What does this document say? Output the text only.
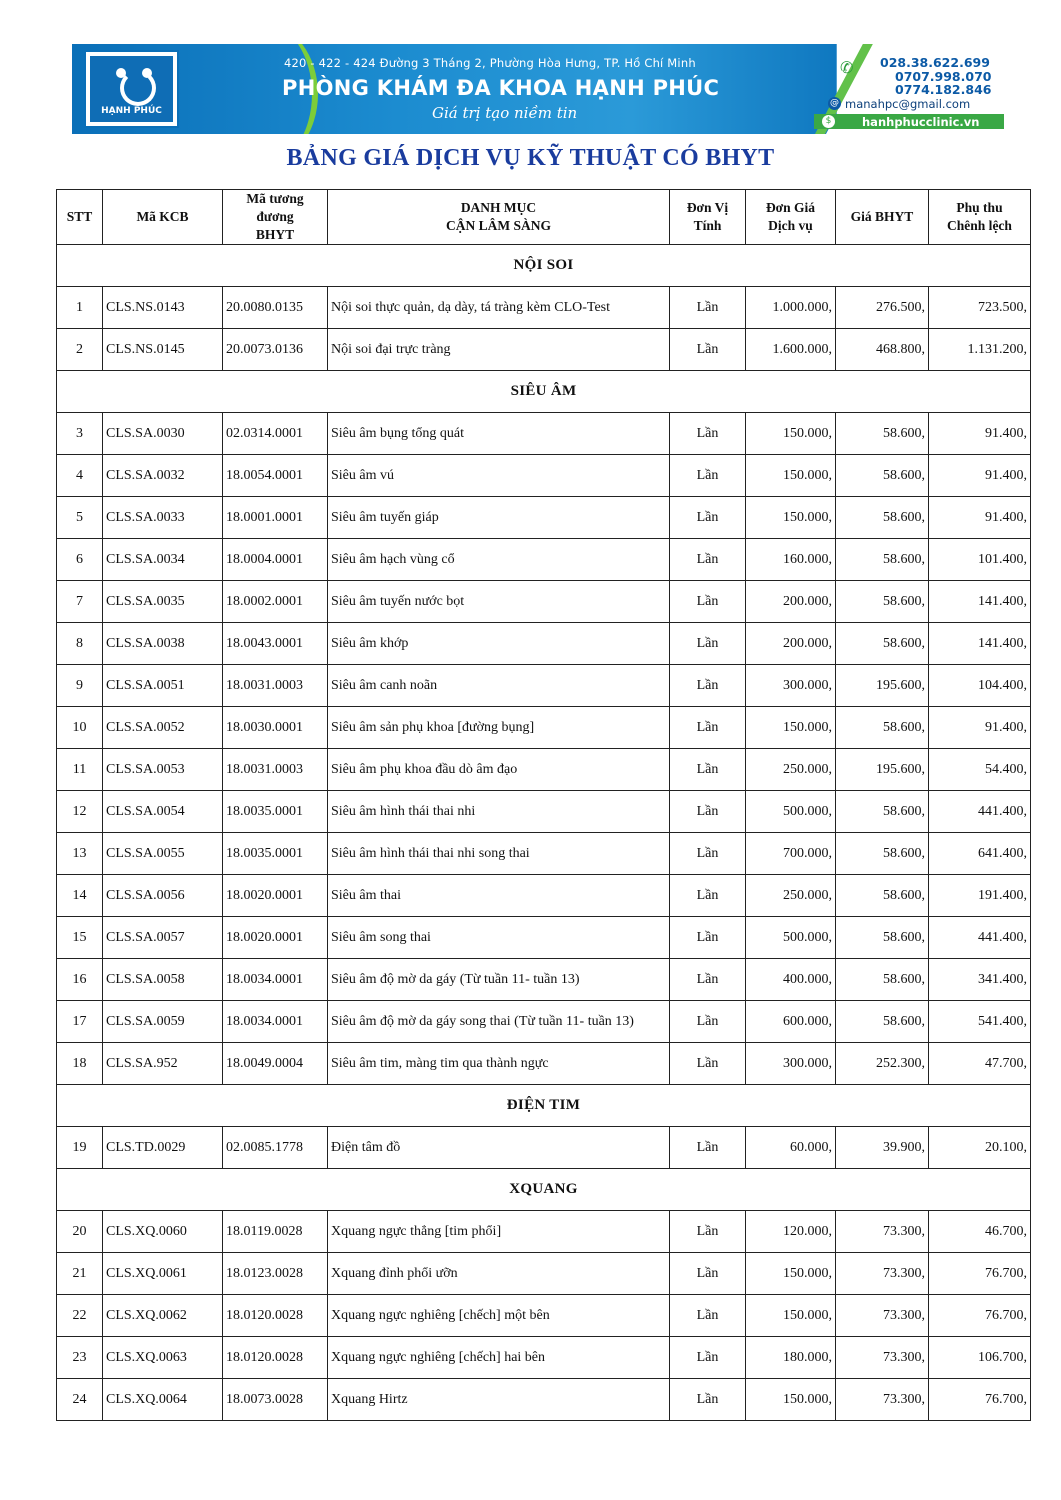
HẠNH PHÚC
420 - 422 - 424 Đường 3 Tháng 2, Phường Hòa Hưng, TP. Hồ Chí Minh
PHÒNG KHÁM ĐA KHOA HẠNH PHÚC
Giá trị tạo niềm tin
✆	028.38.622.699
0707.998.070
0774.182.846
@ manahpc@gmail.com
$	hanhphucclinic.vn
BẢNG GIÁ DỊCH VỤ KỸ THUẬT CÓ BHYT
STT	Mã KCB	Mã tương
đương
BHYT	DANH MỤC
CẬN LÂM SÀNG	Đơn Vị
Tính	Đơn Giá
Dịch vụ	Giá BHYT	Phụ thu
Chênh lệch
NỘI SOI							
1	CLS.NS.0143	20.0080.0135	Nội soi thực quản, dạ dày, tá tràng kèm CLO-Test	Lần	1.000.000,	276.500,	723.500,
2	CLS.NS.0145	20.0073.0136	Nội soi đại trực tràng	Lần	1.600.000,	468.800,	1.131.200,
SIÊU ÂM							
3	CLS.SA.0030	02.0314.0001	Siêu âm bụng tổng quát	Lần	150.000,	58.600,	91.400,
4	CLS.SA.0032	18.0054.0001	Siêu âm vú	Lần	150.000,	58.600,	91.400,
5	CLS.SA.0033	18.0001.0001	Siêu âm tuyến giáp	Lần	150.000,	58.600,	91.400,
6	CLS.SA.0034	18.0004.0001	Siêu âm hạch vùng cổ	Lần	160.000,	58.600,	101.400,
7	CLS.SA.0035	18.0002.0001	Siêu âm tuyến nước bọt	Lần	200.000,	58.600,	141.400,
8	CLS.SA.0038	18.0043.0001	Siêu âm khớp	Lần	200.000,	58.600,	141.400,
9	CLS.SA.0051	18.0031.0003	Siêu âm canh noãn	Lần	300.000,	195.600,	104.400,
10	CLS.SA.0052	18.0030.0001	Siêu âm sản phụ khoa [đường bụng]	Lần	150.000,	58.600,	91.400,
11	CLS.SA.0053	18.0031.0003	Siêu âm phụ khoa đầu dò âm đạo	Lần	250.000,	195.600,	54.400,
12	CLS.SA.0054	18.0035.0001	Siêu âm hình thái thai nhi	Lần	500.000,	58.600,	441.400,
13	CLS.SA.0055	18.0035.0001	Siêu âm hình thái thai nhi song thai	Lần	700.000,	58.600,	641.400,
14	CLS.SA.0056	18.0020.0001	Siêu âm thai	Lần	250.000,	58.600,	191.400,
15	CLS.SA.0057	18.0020.0001	Siêu âm song thai	Lần	500.000,	58.600,	441.400,
16	CLS.SA.0058	18.0034.0001	Siêu âm độ mờ da gáy (Từ tuần 11- tuần 13)	Lần	400.000,	58.600,	341.400,
17	CLS.SA.0059	18.0034.0001	Siêu âm độ mờ da gáy song thai (Từ tuần 11- tuần 13)	Lần	600.000,	58.600,	541.400,
18	CLS.SA.952	18.0049.0004	Siêu âm tim, màng tim qua thành ngực	Lần	300.000,	252.300,	47.700,
ĐIỆN TIM							
19	CLS.TD.0029	02.0085.1778	Điện tâm đồ	Lần	60.000,	39.900,	20.100,
XQUANG							
20	CLS.XQ.0060	18.0119.0028	Xquang ngực thẳng [tim phổi]	Lần	120.000,	73.300,	46.700,
21	CLS.XQ.0061	18.0123.0028	Xquang đỉnh phổi ưỡn	Lần	150.000,	73.300,	76.700,
22	CLS.XQ.0062	18.0120.0028	Xquang ngực nghiêng [chếch] một bên	Lần	150.000,	73.300,	76.700,
23	CLS.XQ.0063	18.0120.0028	Xquang ngực nghiêng [chếch] hai bên	Lần	180.000,	73.300,	106.700,
24	CLS.XQ.0064	18.0073.0028	Xquang Hirtz	Lần	150.000,	73.300,	76.700,
